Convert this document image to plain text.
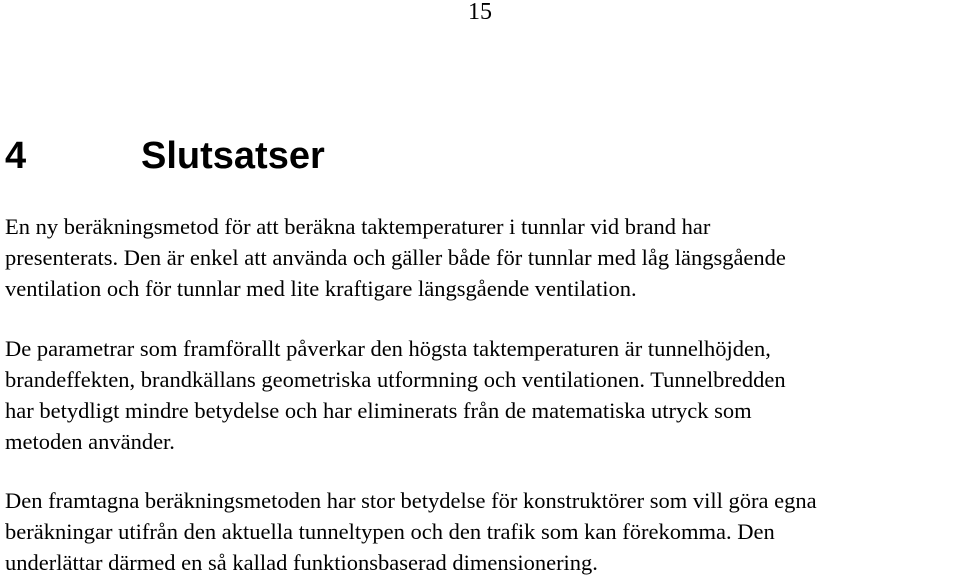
15
4	Slutsatser

En ny beräkningsmetod för att beräkna taktemperaturer i tunnlar vid brand har
presenterats. Den är enkel att använda och gäller både för tunnlar med låg längsgående
ventilation och för tunnlar med lite kraftigare längsgående ventilation.

De parametrar som framförallt påverkar den högsta taktemperaturen är tunnelhöjden,
brandeffekten, brandkällans geometriska utformning och ventilationen. Tunnelbredden
har betydligt mindre betydelse och har eliminerats från de matematiska utryck som
metoden använder.

Den framtagna beräkningsmetoden har stor betydelse för konstruktörer som vill göra egna
beräkningar utifrån den aktuella tunneltypen och den trafik som kan förekomma. Den
underlättar därmed en så kallad funktionsbaserad dimensionering.
